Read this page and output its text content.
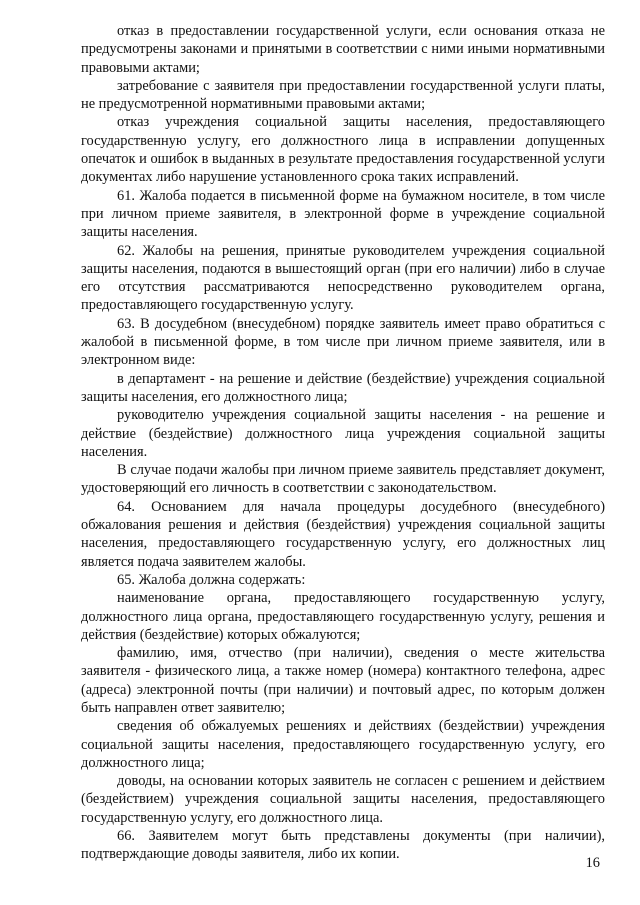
отказ в предоставлении государственной услуги, если основания отказа не предусмотрены законами и принятыми в соответствии с ними иными нормативными правовыми актами;

затребование с заявителя при предоставлении государственной услуги платы, не предусмотренной нормативными правовыми актами;

отказ учреждения социальной защиты населения, предоставляющего государственную услугу, его должностного лица в исправлении допущенных опечаток и ошибок в выданных в результате предоставления государственной услуги документах либо нарушение установленного срока таких исправлений.

61. Жалоба подается в письменной форме на бумажном носителе, в том числе при личном приеме заявителя, в электронной форме в учреждение социальной защиты населения.

62. Жалобы на решения, принятые руководителем учреждения социальной защиты населения, подаются в вышестоящий орган (при его наличии) либо в случае его отсутствия рассматриваются непосредственно руководителем органа, предоставляющего государственную услугу.

63. В досудебном (внесудебном) порядке заявитель имеет право обратиться с жалобой в письменной форме, в том числе при личном приеме заявителя, или в электронном виде:

в департамент - на решение и действие (бездействие) учреждения социальной защиты населения, его должностного лица;

руководителю учреждения социальной защиты населения - на решение и действие (бездействие) должностного лица учреждения социальной защиты населения.

В случае подачи жалобы при личном приеме заявитель представляет документ, удостоверяющий его личность в соответствии с законодательством.

64. Основанием для начала процедуры досудебного (внесудебного) обжалования решения и действия (бездействия) учреждения социальной защиты населения, предоставляющего государственную услугу, его должностных лиц является подача заявителем жалобы.

65. Жалоба должна содержать:

наименование органа, предоставляющего государственную услугу, должностного лица органа, предоставляющего государственную услугу, решения и действия (бездействие) которых обжалуются;

фамилию, имя, отчество (при наличии), сведения о месте жительства заявителя - физического лица, а также номер (номера) контактного телефона, адрес (адреса) электронной почты (при наличии) и почтовый адрес, по которым должен быть направлен ответ заявителю;

сведения об обжалуемых решениях и действиях (бездействии) учреждения социальной защиты населения, предоставляющего государственную услугу, его должностного лица;

доводы, на основании которых заявитель не согласен с решением и действием (бездействием) учреждения социальной защиты населения, предоставляющего государственную услугу, его должностного лица.

66. Заявителем могут быть представлены документы (при наличии), подтверждающие доводы заявителя, либо их копии.

16
